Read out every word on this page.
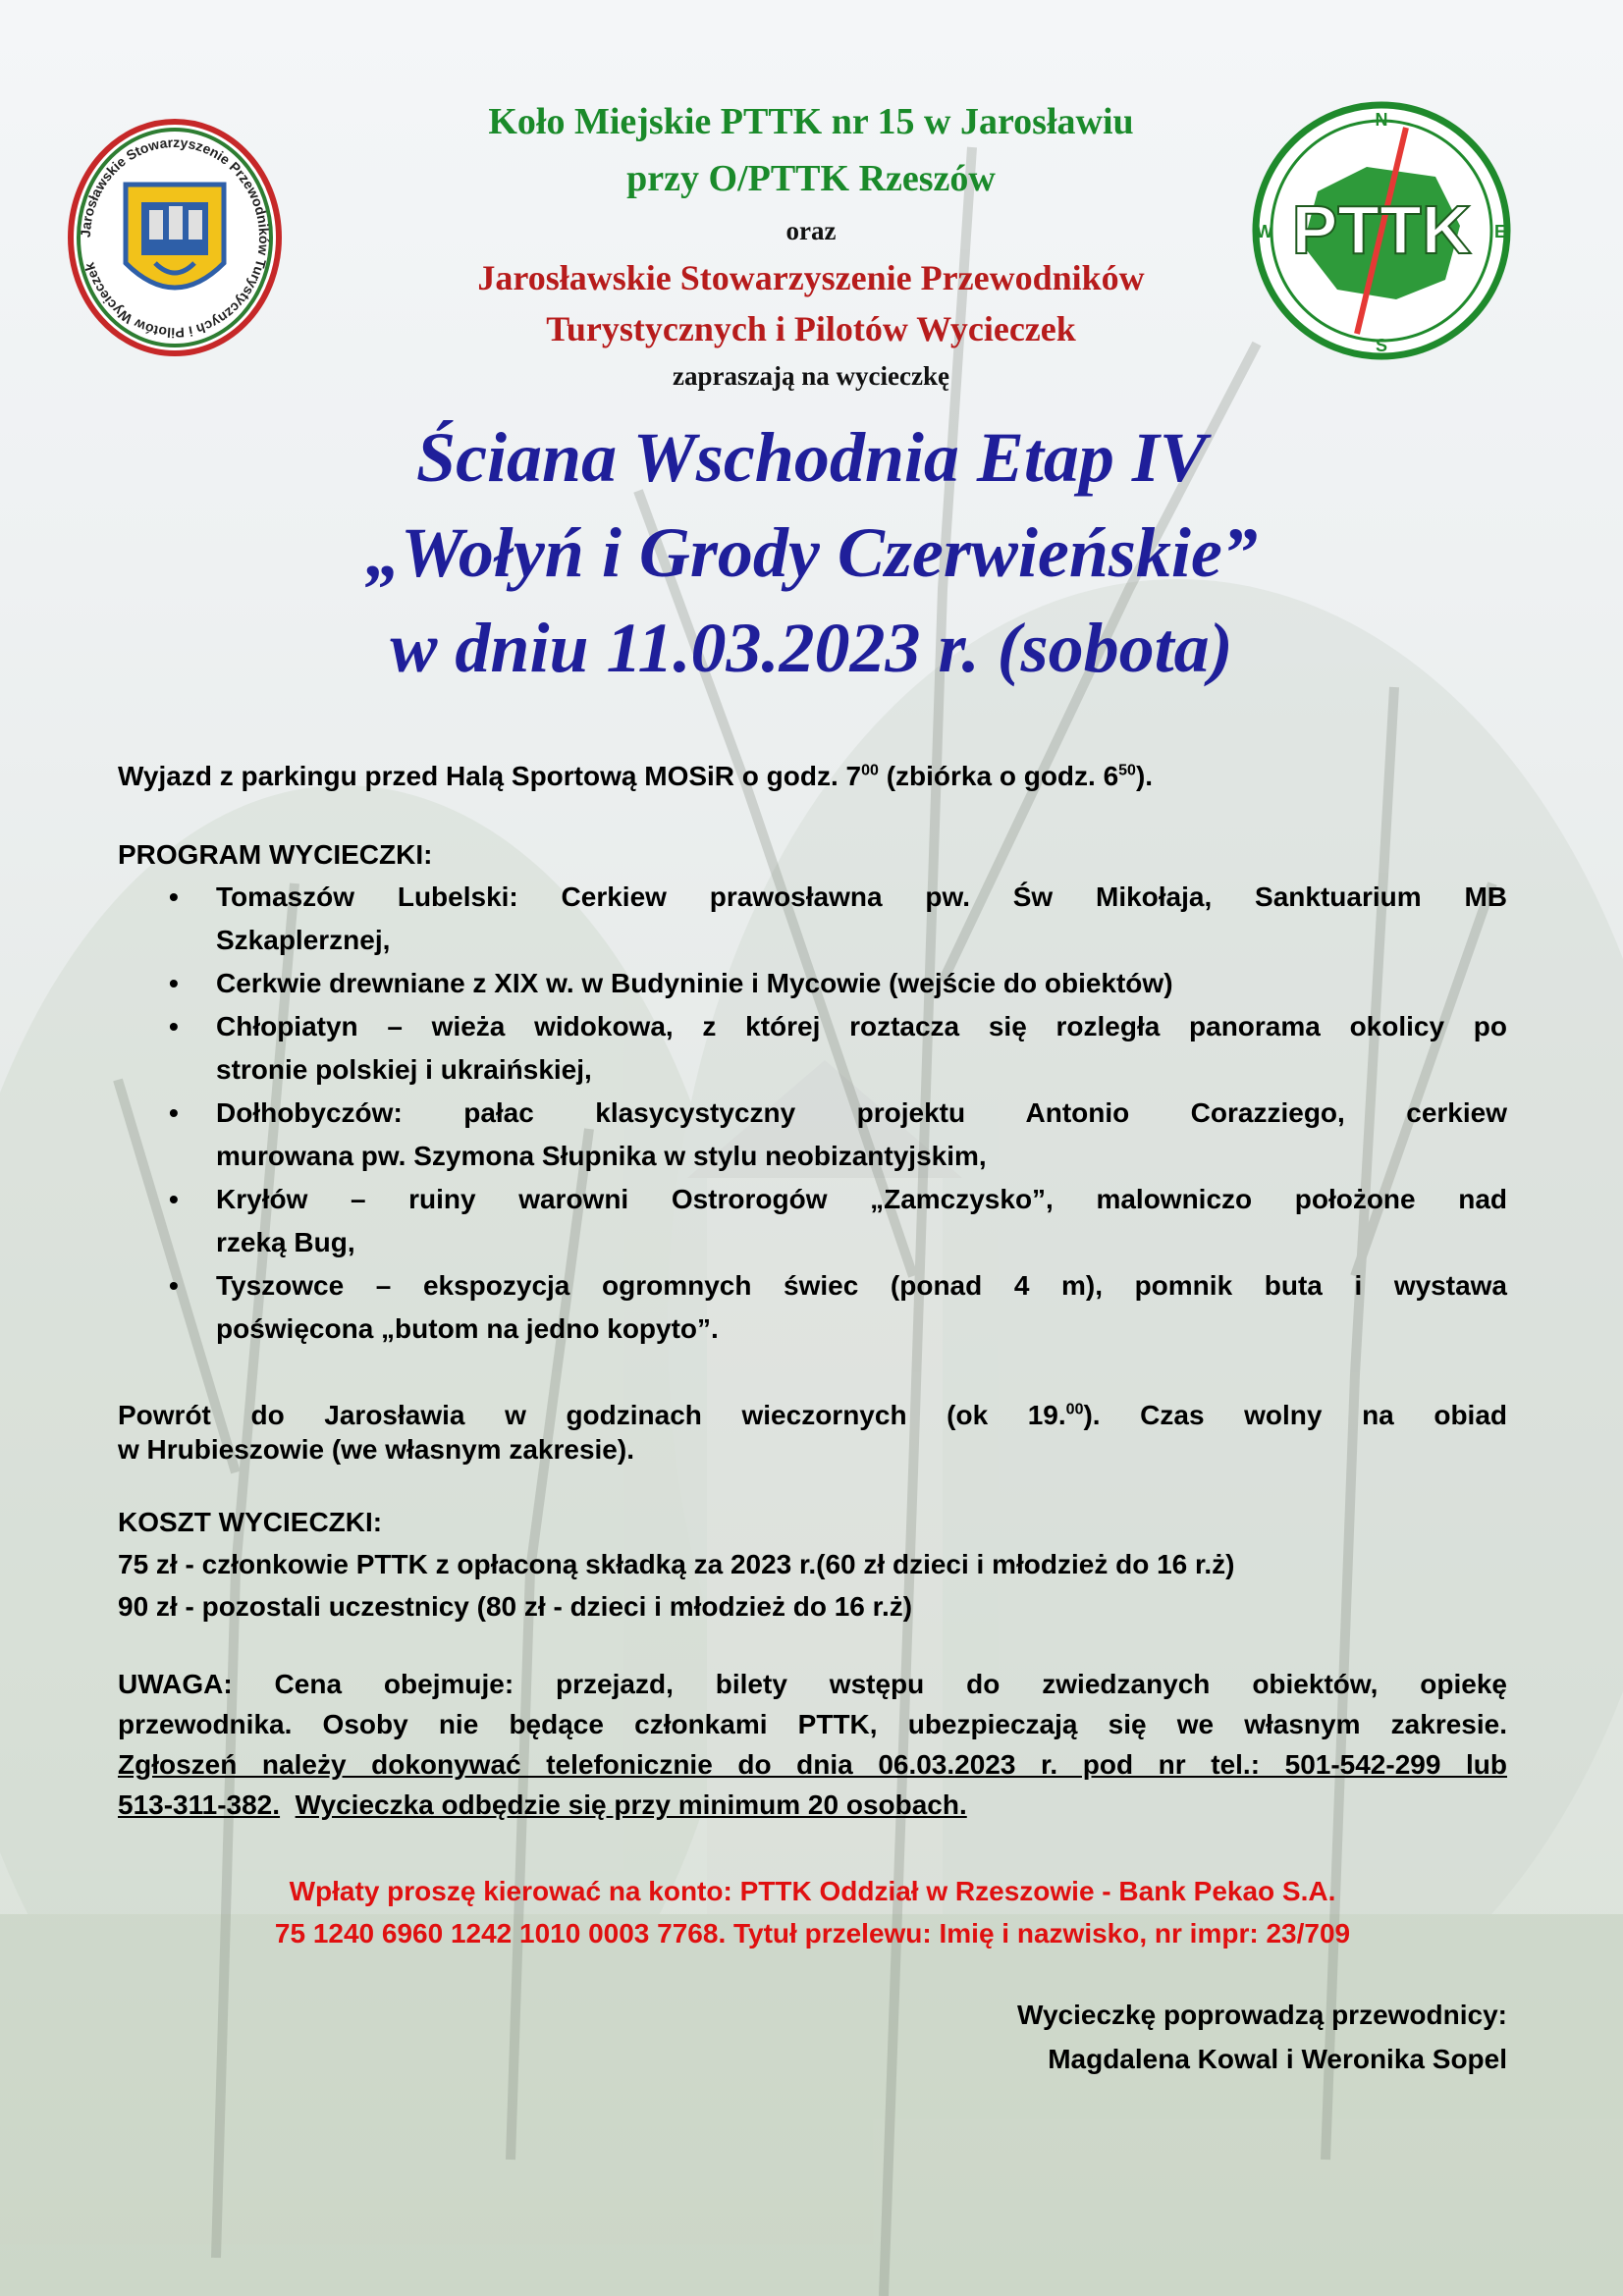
Jarosławskie Stowarzyszenie Przewodników Turystycznych i Pilotów Wycieczek	PTTK
N
E
S
W
Koło Miejskie PTTK nr 15 w Jarosławiu
przy O/PTTK Rzeszów
oraz
Jarosławskie Stowarzyszenie Przewodników
Turystycznych i Pilotów Wycieczek
zapraszają na wycieczkę
Ściana Wschodnia Etap IV
„Wołyń i Grody Czerwieńskie”
w dniu 11.03.2023 r. (sobota)
Wyjazd z parkingu przed Halą Sportową MOSiR o godz. $7^{00}$ (zbiórka o godz. $6^{50}$).
PROGRAM WYCIECZKI:
• Tomaszów Lubelski: Cerkiew prawosławna pw. Św Mikołaja, Sanktuarium MB
Szkaplerznej,
• Cerkwie drewniane z XIX w. w Budyninie i Mycowie (wejście do obiektów)
• Chłopiatyn – wieża widokowa, z której roztacza się rozległa panorama okolicy po
stronie polskiej i ukraińskiej,
• Dołhobyczów: pałac klasycystyczny projektu Antonio Corazziego, cerkiew
murowana pw. Szymona Słupnika w stylu neobizantyjskim,
• Kryłów – ruiny warowni Ostrorogów „Zamczysko”, malowniczo położone nad
rzeką Bug,
• Tyszowce – ekspozycja ogromnych świec (ponad 4 m), pomnik buta i wystawa
poświęcona „butom na jedno kopyto”.
Powrót do Jarosławia w godzinach wieczornych (ok 19.00). Czas wolny na obiad
w Hrubieszowie (we własnym zakresie).
KOSZT WYCIECZKI:
75 zł - członkowie PTTK z opłaconą składką za 2023 r.(60 zł dzieci i młodzież do 16 r.ż)
90 zł - pozostali uczestnicy (80 zł - dzieci i młodzież do 16 r.ż)
UWAGA: Cena obejmuje: przejazd, bilety wstępu do zwiedzanych obiektów, opiekę
przewodnika. Osoby nie będące członkami PTTK, ubezpieczają się we własnym zakresie.
Zgłoszeń należy dokonywać telefonicznie do dnia 06.03.2023 r. pod nr tel.: 501-542-299 lub
513-311-382. Wycieczka odbędzie się przy minimum 20 osobach.
Wpłaty proszę kierować na konto: PTTK Oddział w Rzeszowie - Bank Pekao S.A.
75 1240 6960 1242 1010 0003 7768. Tytuł przelewu: Imię i nazwisko, nr impr: 23/709
Wycieczkę poprowadzą przewodnicy:
Magdalena Kowal i Weronika Sopel
